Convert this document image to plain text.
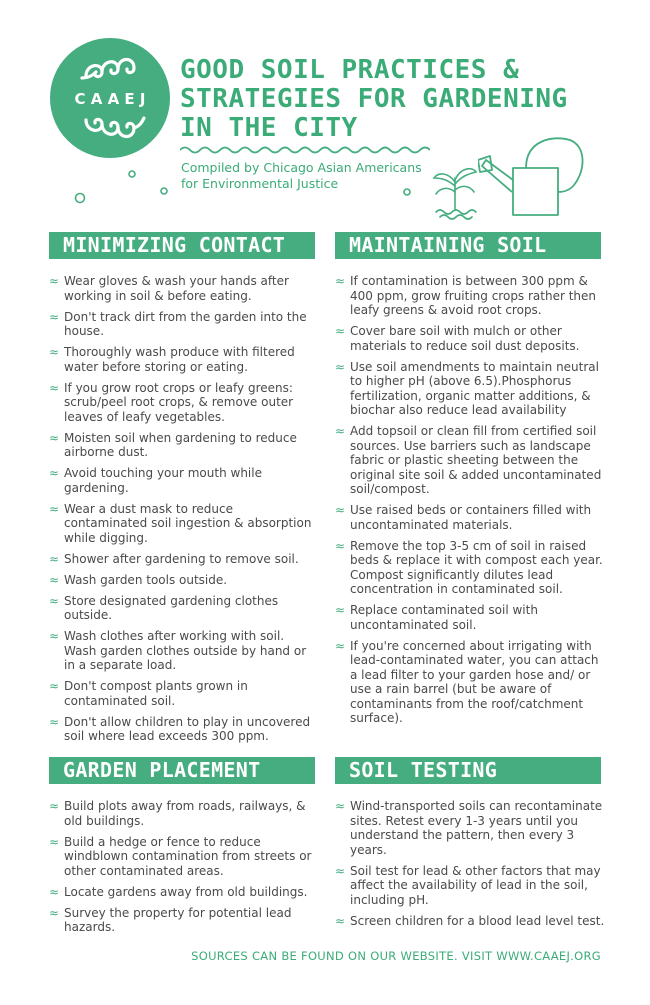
C A A E J
GOOD SOIL PRACTICES &
STRATEGIES FOR GARDENING
IN THE CITY
Compiled by Chicago Asian Americans
for Environmental Justice
MINIMIZING CONTACT
≈ Wear gloves & wash your hands after working in soil & before eating.
≈ Don't track dirt from the garden into the house.
≈ Thoroughly wash produce with filtered water before storing or eating.
≈ If you grow root crops or leafy greens: scrub/peel root crops, & remove outer leaves of leafy vegetables.
≈ Moisten soil when gardening to reduce airborne dust.
≈ Avoid touching your mouth while gardening.
≈ Wear a dust mask to reduce contaminated soil ingestion & absorption while digging.
≈ Shower after gardening to remove soil.
≈ Wash garden tools outside.
≈ Store designated gardening clothes outside.
≈ Wash clothes after working with soil. Wash garden clothes outside by hand or in a separate load.
≈ Don't compost plants grown in contaminated soil.
≈ Don't allow children to play in uncovered soil where lead exceeds 300 ppm.
MAINTAINING SOIL
≈ If contamination is between 300 ppm & 400 ppm, grow fruiting crops rather then leafy greens & avoid root crops.
≈ Cover bare soil with mulch or other materials to reduce soil dust deposits.
≈ Use soil amendments to maintain neutral to higher pH (above 6.5).Phosphorus fertilization, organic matter additions, & biochar also reduce lead availability
≈ Add topsoil or clean fill from certified soil sources. Use barriers such as landscape fabric or plastic sheeting between the original site soil & added uncontaminated soil/compost.
≈ Use raised beds or containers filled with uncontaminated materials.
≈ Remove the top 3-5 cm of soil in raised beds & replace it with compost each year. Compost significantly dilutes lead concentration in contaminated soil.
≈ Replace contaminated soil with uncontaminated soil.
≈ If you're concerned about irrigating with lead-contaminated water, you can attach a lead filter to your garden hose and/ or use a rain barrel (but be aware of contaminants from the roof/catchment surface).
GARDEN PLACEMENT
≈ Build plots away from roads, railways, & old buildings.
≈ Build a hedge or fence to reduce windblown contamination from streets or other contaminated areas.
≈ Locate gardens away from old buildings.
≈ Survey the property for potential lead hazards.
SOIL TESTING
≈ Wind-transported soils can recontaminate sites. Retest every 1-3 years until you understand the pattern, then every 3 years.
≈ Soil test for lead & other factors that may affect the availability of lead in the soil, including pH.
≈ Screen children for a blood lead level test.
SOURCES CAN BE FOUND ON OUR WEBSITE. VISIT WWW.CAAEJ.ORG
